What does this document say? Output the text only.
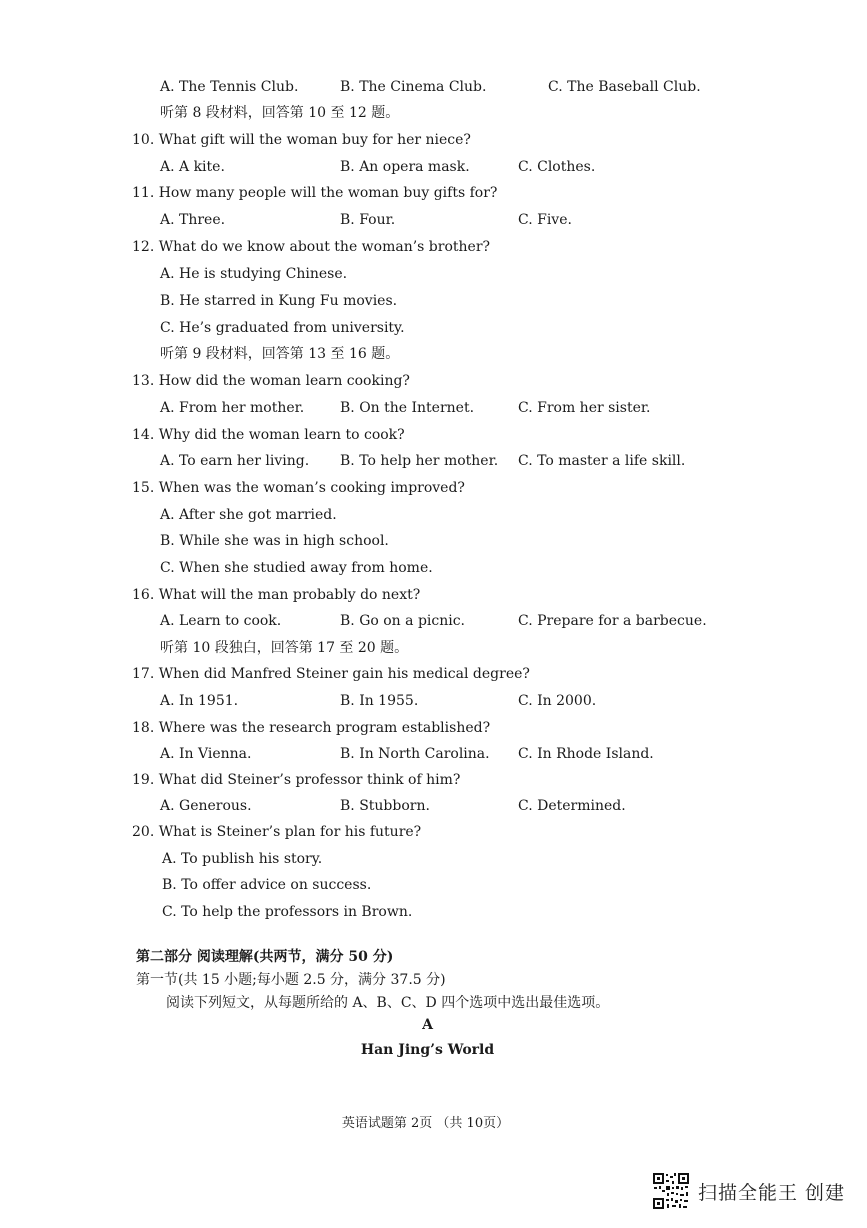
A. The Tennis Club.	B. The Cinema Club.	C. The Baseball Club.
听第 8 段材料，回答第 10 至 12 题。
10. What gift will the woman buy for her niece?
A. A kite.	B. An opera mask.	C. Clothes.
11. How many people will the woman buy gifts for?
A. Three.	B. Four.	C. Five.
12. What do we know about the woman’s brother?
A. He is studying Chinese.
B. He starred in Kung Fu movies.
C. He’s graduated from university.
听第 9 段材料，回答第 13 至 16 题。
13. How did the woman learn cooking?
A. From her mother.	B. On the Internet.	C. From her sister.
14. Why did the woman learn to cook?
A. To earn her living. B. To help her mother. C. To master a life skill.
15. When was the woman’s cooking improved?
A. After she got married.
B. While she was in high school.
C. When she studied away from home.
16. What will the man probably do next?
A. Learn to cook.	B. Go on a picnic.	C. Prepare for a barbecue.
听第 10 段独白，回答第 17 至 20 题。
17. When did Manfred Steiner gain his medical degree?
A. In 1951.	B. In 1955.	C. In 2000.
18. Where was the research program established?
A. In Vienna.	B. In North Carolina. C. In Rhode Island.
19. What did Steiner’s professor think of him?
A. Generous.	B. Stubborn.	C. Determined.
20. What is Steiner’s plan for his future?
A. To publish his story.
B. To offer advice on success.
C. To help the professors in Brown.
第二部分 阅读理解(共两节，满分 50 分)
第一节(共 15 小题;每小题 2.5 分，满分 37.5 分)
阅读下列短文，从每题所给的 A、B、C、D 四个选项中选出最佳选项。
A
Han Jing’s World
英语试题第 2页 （共 10页）
扫描全能王 创建
